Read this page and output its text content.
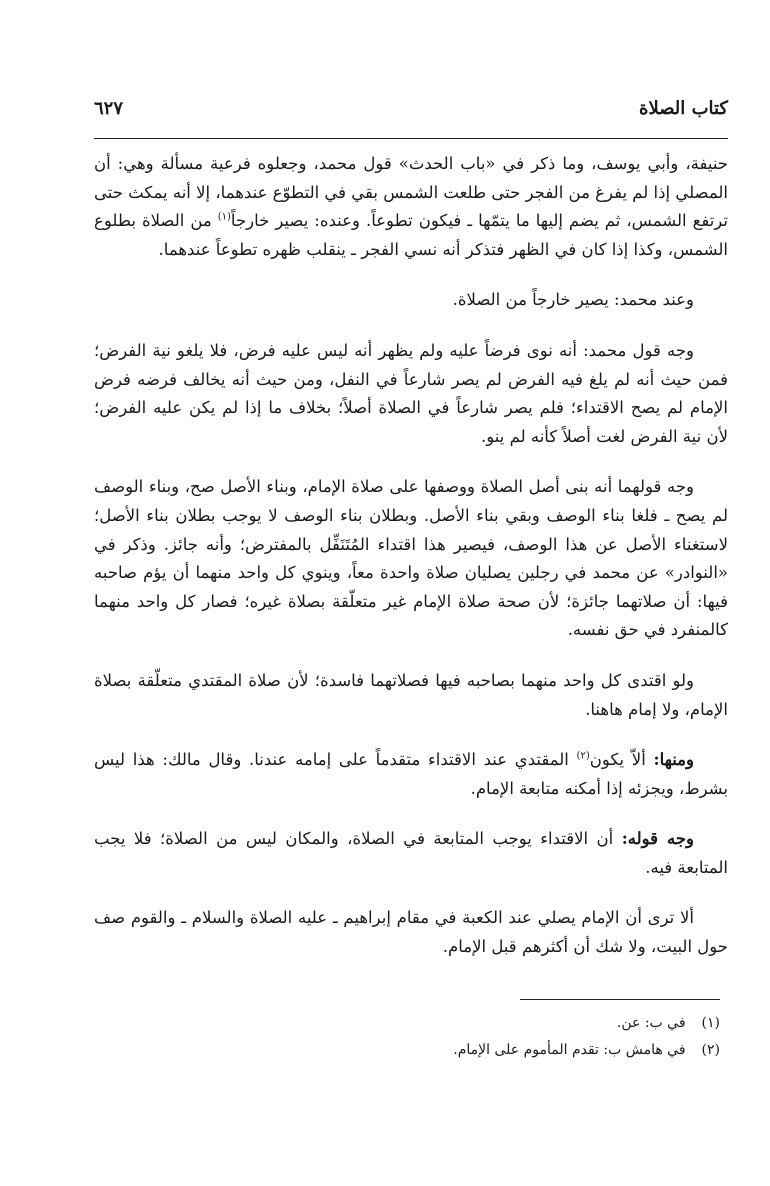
كتاب الصلاة
٦٢٧

حنيفة، وأبي يوسف، وما ذكر في «باب الحدث» قول محمد، وجعلوه فرعية مسألة وهي: أن المصلي إذا لم يفرغ من الفجر حتى طلعت الشمس بقي في التطوّع عندهما، إلا أنه يمكث حتى ترتفع الشمس، ثم يضم إليها ما يتمّها ـ فيكون تطوعاً. وعنده: يصير خارجاً$^{(١)}$ من الصلاة بطلوع الشمس، وكذا إذا كان في الظهر فتذكر أنه نسي الفجر ـ ينقلب ظهره تطوعاً عندهما.

وعند محمد: يصير خارجاً من الصلاة.

وجه قول محمد: أنه نوى فرضاً عليه ولم يظهر أنه ليس عليه فرض، فلا يلغو نية الفرض؛ فمن حيث أنه لم يلغ فيه الفرض لم يصر شارعاً في النفل، ومن حيث أنه يخالف فرضه فرض الإمام لم يصح الاقتداء؛ فلم يصر شارعاً في الصلاة أصلاً؛ بخلاف ما إذا لم يكن عليه الفرض؛ لأن نية الفرض لغت أصلاً كأنه لم ينو.

وجه قولهما أنه بنى أصل الصلاة ووصفها على صلاة الإمام، وبناء الأصل صح، وبناء الوصف لم يصح ـ فلغا بناء الوصف وبقي بناء الأصل. وبطلان بناء الوصف لا يوجب بطلان بناء الأصل؛ لاستغناء الأصل عن هذا الوصف، فيصير هذا اقتداء المُتَنَفِّل بالمفترض؛ وأنه جائز. وذكر في «النوادر» عن محمد في رجلين يصليان صلاة واحدة معاً، وينوي كل واحد منهما أن يؤم صاحبه فيها: أن صلاتهما جائزة؛ لأن صحة صلاة الإمام غير متعلّقة بصلاة غيره؛ فصار كل واحد منهما كالمنفرد في حق نفسه.

ولو اقتدى كل واحد منهما بصاحبه فيها فصلاتهما فاسدة؛ لأن صلاة المقتدي متعلّقة بصلاة الإمام، ولا إمام هاهنا.

ومنها: ألاّ يكون$^{(٢)}$ المقتدي عند الاقتداء متقدماً على إمامه عندنا. وقال مالك: هذا ليس بشرط، ويجزئه إذا أمكنه متابعة الإمام.

وجه قوله: أن الاقتداء يوجب المتابعة في الصلاة، والمكان ليس من الصلاة؛ فلا يجب المتابعة فيه.

ألا ترى أن الإمام يصلي عند الكعبة في مقام إبراهيم ـ عليه الصلاة والسلام ـ والقوم صف حول البيت، ولا شك أن أكثرهم قبل الإمام.

(١) في ب: عن.

(٢) في هامش ب: تقدم المأموم على الإمام.
